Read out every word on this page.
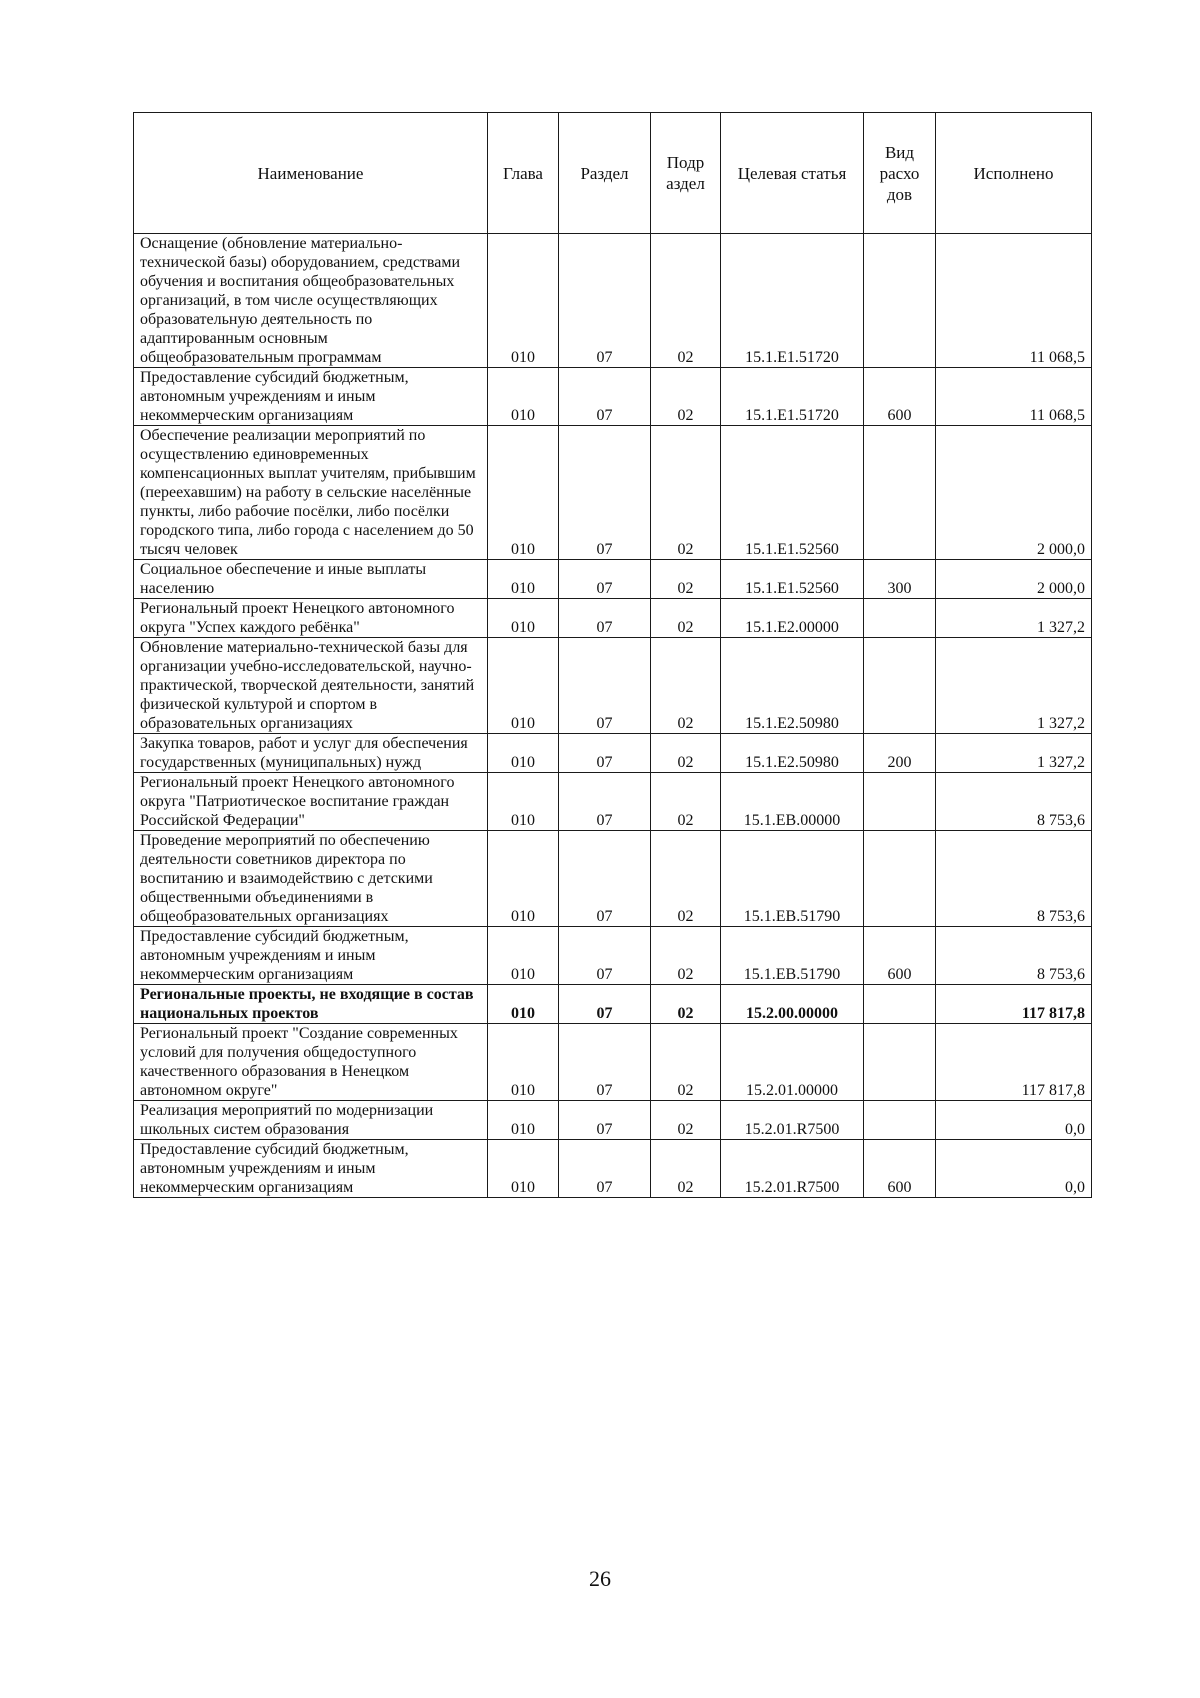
Наименование	Глава	Раздел	Подр аздел	Целевая статья	Вид расхо дов	Исполнено
Оснащение (обновление материально-технической базы) оборудованием, средствами обучения и воспитания общеобразовательных организаций, в том числе осуществляющих образовательную деятельность по адаптированным основным общеобразовательным программам	010	07	02	15.1.Е1.51720		11 068,5
Предоставление субсидий бюджетным, автономным учреждениям и иным некоммерческим организациям	010	07	02	15.1.Е1.51720	600	11 068,5
Обеспечение реализации мероприятий по осуществлению единовременных компенсационных выплат учителям, прибывшим (переехавшим) на работу в сельские населённые пункты, либо рабочие посёлки, либо посёлки городского типа, либо города с населением до 50 тысяч человек	010	07	02	15.1.Е1.52560		2 000,0
Социальное обеспечение и иные выплаты населению	010	07	02	15.1.Е1.52560	300	2 000,0
Региональный проект Ненецкого автономного округа "Успех каждого ребёнка"	010	07	02	15.1.Е2.00000		1 327,2
Обновление материально-технической базы для организации учебно-исследовательской, научно-практической, творческой деятельности, занятий физической культурой и спортом в образовательных организациях	010	07	02	15.1.Е2.50980		1 327,2
Закупка товаров, работ и услуг для обеспечения государственных (муниципальных) нужд	010	07	02	15.1.Е2.50980	200	1 327,2
Региональный проект Ненецкого автономного округа "Патриотическое воспитание граждан Российской Федерации"	010	07	02	15.1.ЕВ.00000		8 753,6
Проведение мероприятий по обеспечению деятельности советников директора по воспитанию и взаимодействию с детскими общественными объединениями в общеобразовательных организациях	010	07	02	15.1.ЕВ.51790		8 753,6
Предоставление субсидий бюджетным, автономным учреждениям и иным некоммерческим организациям	010	07	02	15.1.ЕВ.51790	600	8 753,6
Региональные проекты, не входящие в состав национальных проектов	010	07	02	15.2.00.00000		117 817,8
Региональный проект "Создание современных условий для получения общедоступного качественного образования в Ненецком автономном округе"	010	07	02	15.2.01.00000		117 817,8
Реализация мероприятий по модернизации школьных систем образования	010	07	02	15.2.01.R7500		0,0
Предоставление субсидий бюджетным, автономным учреждениям и иным некоммерческим организациям	010	07	02	15.2.01.R7500	600	0,0
26
